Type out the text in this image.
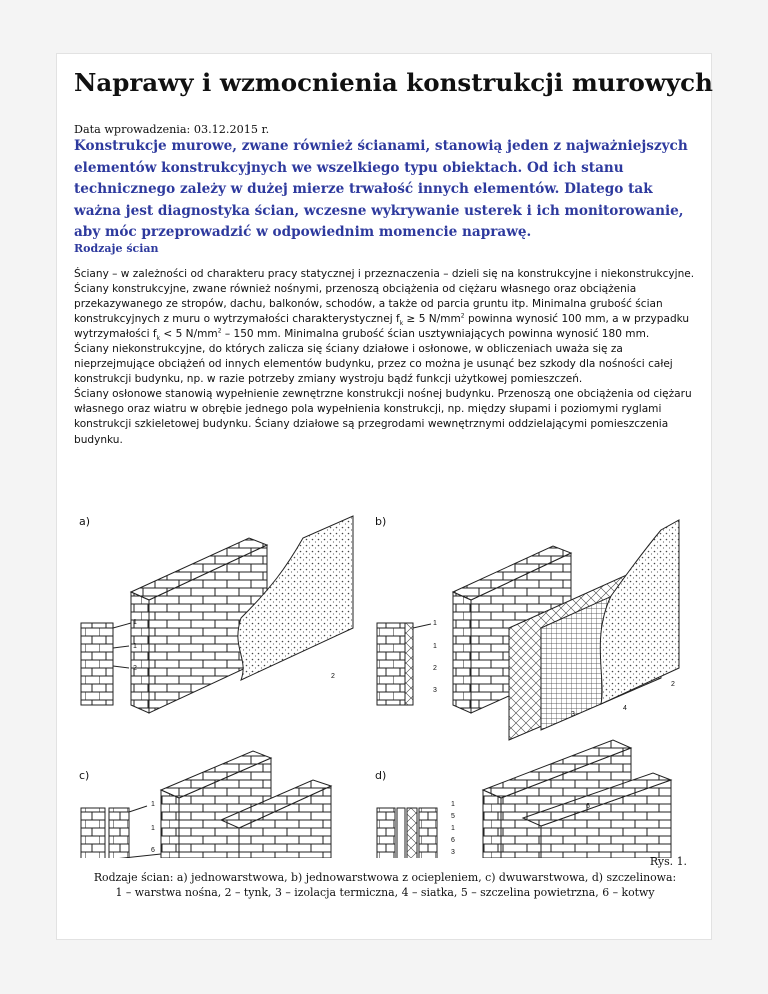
Naprawy i wzmocnienia konstrukcji murowych
Data wprowadzenia: 03.12.2015 r.

Konstrukcje murowe, zwane również ścianami, stanowią jeden z najważniejszych elementów konstrukcyjnych we wszelkiego typu obiektach. Od ich stanu technicznego zależy w dużej mierze trwałość innych elementów. Dlatego tak ważna jest diagnostyka ścian, wczesne wykrywanie usterek i ich monitorowanie, aby móc przeprowadzić w odpowiednim momencie naprawę.

Rodzaje ścian

Ściany – w zależności od charakteru pracy statycznej i przeznaczenia – dzieli się na konstrukcyjne i niekonstrukcyjne.

Ściany konstrukcyjne, zwane również nośnymi, przenoszą obciążenia od ciężaru własnego oraz obciążenia przekazywanego ze stropów, dachu, balkonów, schodów, a także od parcia gruntu itp. Minimalna grubość ścian konstrukcyjnych z muru o wytrzymałości charakterystycznej $f_k \ge 5$ $N/mm^2$ powinna wynosić 100 mm, a w przypadku wytrzymałości $f_k < 5$ $N/mm^2 - 150$ mm. Minimalna grubość ścian usztywniających powinna wynosić 180 mm.

Ściany niekonstrukcyjne, do których zalicza się ściany działowe i osłonowe, w obliczeniach uważa się za nieprzejmujące obciążeń od innych elementów budynku, przez co można je usunąć bez szkody dla nośności całej konstrukcji budynku, np. w razie potrzeby zmiany wystroju bądź funkcji użytkowej pomieszczeń.

Ściany osłonowe stanowią wypełnienie zewnętrzne konstrukcji nośnej budynku. Przenoszą one obciążenia od ciężaru własnego oraz wiatru w obrębie jednego pola wypełnienia konstrukcji, np. między słupami i poziomymi ryglami konstrukcji szkieletowej budynku. Ściany działowe są przegrodami wewnętrznymi oddzielającymi pomieszczenia budynku.

a)
1
1
2
2
b)
1
1
2
3
3
4
2
c)
1
1
6
d)
1
5
1
6
3
6
Rys. 1.
Rodzaje ścian: a) jednowarstwowa, b) jednowarstwowa z ociepleniem, c) dwuwarstwowa, d) szczelinowa:
1 – warstwa nośna, 2 – tynk, 3 – izolacja termiczna, 4 – siatka, 5 – szczelina powietrzna, 6 – kotwy
